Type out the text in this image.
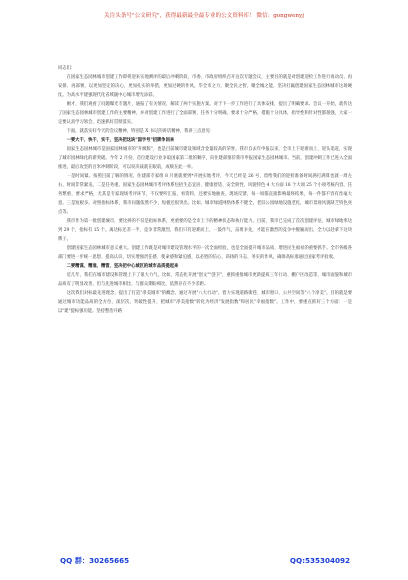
关注头条号"公文研究"，获得最新最全最专业的公文资料库！ 微信：gongwenyj

同志们：

在国家生态园林城市创建工作即将迎来实地测评的最后冲刺阶段，市委、市政府组织召开这次专题会议，主要目的就是对创建迎检工作进行再动员、再安排、再部署，以更加坚定的决心，更加扎实的举措，更加过硬的作风，毕全市之力，聚全民之智，聚全城之能，坚决打赢创建国家生态园林城市这场硬仗。为高水平建强现代化省域副中心城市增光添彩。

刚才，我们观看了问题曝光专题片，通报了有关情况，解读了两个实施方案。对于下一步工作进行了具体安排，提出了明确要求。会议一开始，就传达了国家生态园林城市创建工作的主要精神，并对创建工作进行了全面部署，任务十分明确，要求十分严格，措施十分具体，指导性和针对性都很强，大家一定要认真学习领会，迅速抓好贯彻落实。

下面，就落实好今天的会议精神，特别是 X 书记的讲话精神，我讲三点意见：

一要大干、快干、实干，坚决把这块"国字号"招牌争回来

国家生态园林城市是国家园林城市的"升级版"，也是目前城市建设领域含金量较高的荣誉。我市自去年申报以来，全市上下迎难而上、迎头追赶，实现了城市园林绿化的新突破。今年 2 月份，首位建设行业争取国家第二批的顺序，向住建部推荐我市申报国家生态园林城市。当前，创建冲刺工作已进入全面推进，最后攻坚的百米冲刺阶段，可以说决战就在眼前，成败在此一举。

一是时间紧。按照目前了解的情况，住建部专家组 8 月底就要到*开展实地考评，今天已经是 26 号，留给我们的迎检准备时间满打满算也就一周左右，时间非常紧迫。二是任务重。国家生态园林城市考评体系包括生态宜居、健康舒适、安全韧性、风貌特色 4 大方面 18 个大项 25 个小项考核内容，任务繁重、要求严格，尤其是专家现场考评环节，不仅要听汇报，看资料，还要实地抽查、现场反馈，每一项都直接影响最终结果，每一件都不容有丝毫大意。三是短板多。对照指标体系，我市问题依然不少，短板还很突出。比如，城市绿道网络体系不健全，老旧公园绿地设施老化，城市景观风貌缺乏特色亮点等。

我市作为第一批创建城市，要比拼的不仅是指标体系，更重要的是全市上下的精神状态和执行能力。目前，我市已完成了首次创建评估，城市绿地率达到 29 个，指标有 15 个。离达标还差一半，竞争非常激烈，我们只有迎难而上，一鼓作气，奋勇争先，才能在激烈的竞争中脱颖而出，全力以赴拿下这块牌子。

创建国家生态园林城市意义重大。创建工作既是对城市建设管理水平的一次全面检验，也是全面提升城市品质、增进民生福祉的重要抓手。全市各级各部门要进一步统一思想、提高认识，切实增强责任感、使命感和紧迫感，以必胜的信心、昂扬的斗志、务实的作风，确保高标准通过国家考评验收。

二要精谋、精准、精管，坚决把中心城区的城市品质提起来

近几年，我们在城市建设和管理上下了很大力气，比如，常态化开展"创文""创卫"，重抓重推城市更新提质三年行动、棚户区改造等，城市面貌和城市品质有了明显改善，但与先进城市相比、与群众期盼相比，依然存在不少差距。

这次我们对标最先进理念，提出了打造"净美城市"的概念，通过开展"八大行动"，着力实现道路街巷、城市窗口、公共空间等"八个净美"。目的就是要通过城市功能品质的全方位、深层次、突破性提升，把城市"净美指数"转化为经济"发展指数"和居民"幸福指数"。工作中，要重点抓好三个方面：一是以"建"提标强功能。坚持整治开路

QQ 群：30265665	QQ:535304092
